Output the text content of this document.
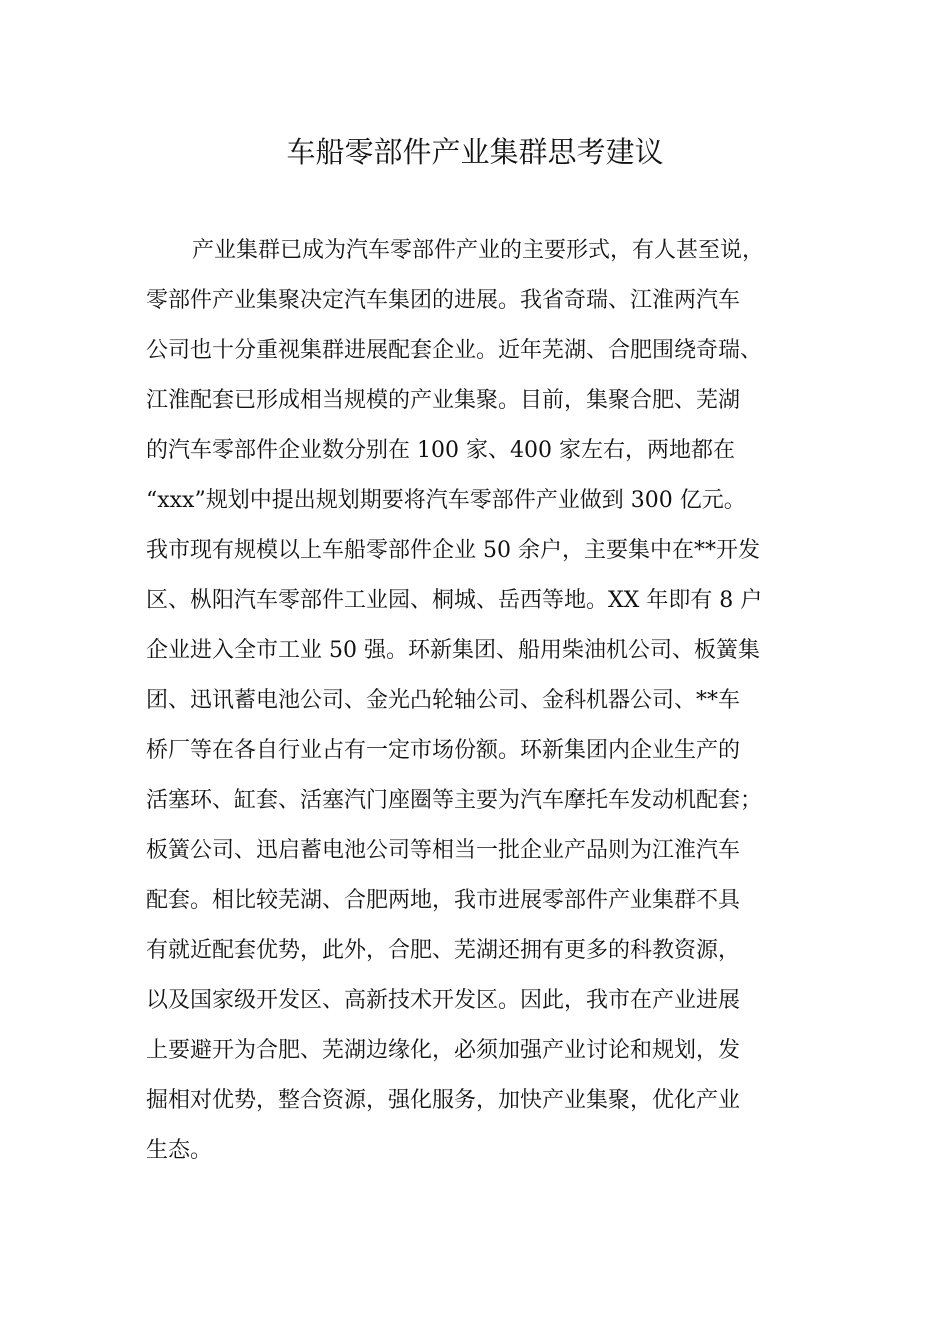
车船零部件产业集群思考建议
产业集群已成为汽车零部件产业的主要形式，有人甚至说，
零部件产业集聚决定汽车集团的进展。我省奇瑞、江淮两汽车
公司也十分重视集群进展配套企业。近年芜湖、合肥围绕奇瑞、
江淮配套已形成相当规模的产业集聚。目前，集聚合肥、芜湖
的汽车零部件企业数分别在 100 家、400 家左右，两地都在
“xxx”规划中提出规划期要将汽车零部件产业做到 300 亿元。
我市现有规模以上车船零部件企业 50 余户，主要集中在**开发
区、枞阳汽车零部件工业园、桐城、岳西等地。XX 年即有 8 户
企业进入全市工业 50 强。环新集团、船用柴油机公司、板簧集
团、迅讯蓄电池公司、金光凸轮轴公司、金科机器公司、**车
桥厂等在各自行业占有一定市场份额。环新集团内企业生产的
活塞环、缸套、活塞汽门座圈等主要为汽车摩托车发动机配套；
板簧公司、迅启蓄电池公司等相当一批企业产品则为江淮汽车
配套。相比较芜湖、合肥两地，我市进展零部件产业集群不具
有就近配套优势，此外，合肥、芜湖还拥有更多的科教资源，
以及国家级开发区、高新技术开发区。因此，我市在产业进展
上要避开为合肥、芜湖边缘化，必须加强产业讨论和规划，发
掘相对优势，整合资源，强化服务，加快产业集聚，优化产业
生态。
